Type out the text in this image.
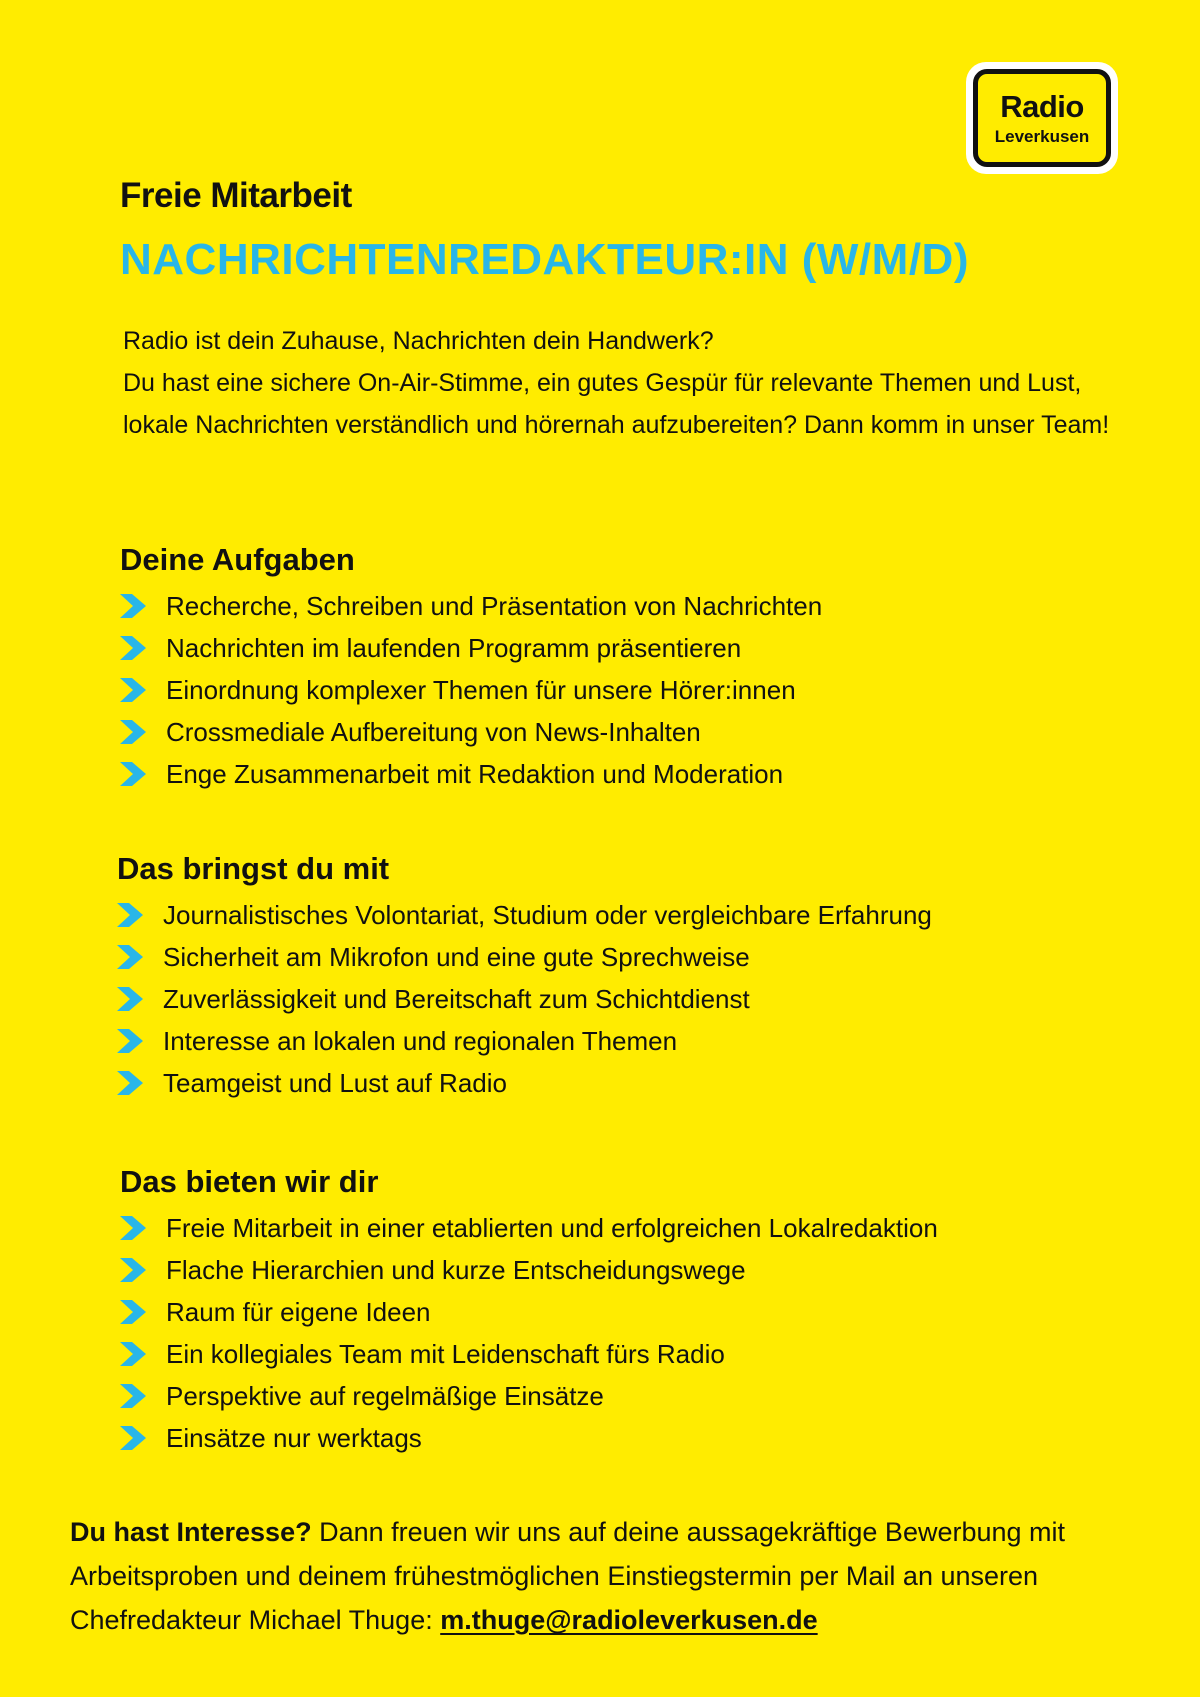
Radio
Leverkusen
Freie Mitarbeit
NACHRICHTENREDAKTEUR:IN (W/M/D)

Radio ist dein Zuhause, Nachrichten dein Handwerk?

Du hast eine sichere On-Air-Stimme, ein gutes Gespür für relevante Themen und Lust, lokale Nachrichten verständlich und hörernah aufzubereiten? Dann komm in unser Team!

Deine Aufgaben
Recherche, Schreiben und Präsentation von Nachrichten
Nachrichten im laufenden Programm präsentieren
Einordnung komplexer Themen für unsere Hörer:innen
Crossmediale Aufbereitung von News-Inhalten
Enge Zusammenarbeit mit Redaktion und Moderation
Das bringst du mit
Journalistisches Volontariat, Studium oder vergleichbare Erfahrung
Sicherheit am Mikrofon und eine gute Sprechweise
Zuverlässigkeit und Bereitschaft zum Schichtdienst
Interesse an lokalen und regionalen Themen
Teamgeist und Lust auf Radio
Das bieten wir dir
Freie Mitarbeit in einer etablierten und erfolgreichen Lokalredaktion
Flache Hierarchien und kurze Entscheidungswege
Raum für eigene Ideen
Ein kollegiales Team mit Leidenschaft fürs Radio
Perspektive auf regelmäßige Einsätze
Einsätze nur werktags
Du hast Interesse? Dann freuen wir uns auf deine aussagekräftige Bewerbung mit Arbeitsproben und deinem frühestmöglichen Einstiegstermin per Mail an unseren Chefredakteur Michael Thuge: m.thuge@radioleverkusen.de
